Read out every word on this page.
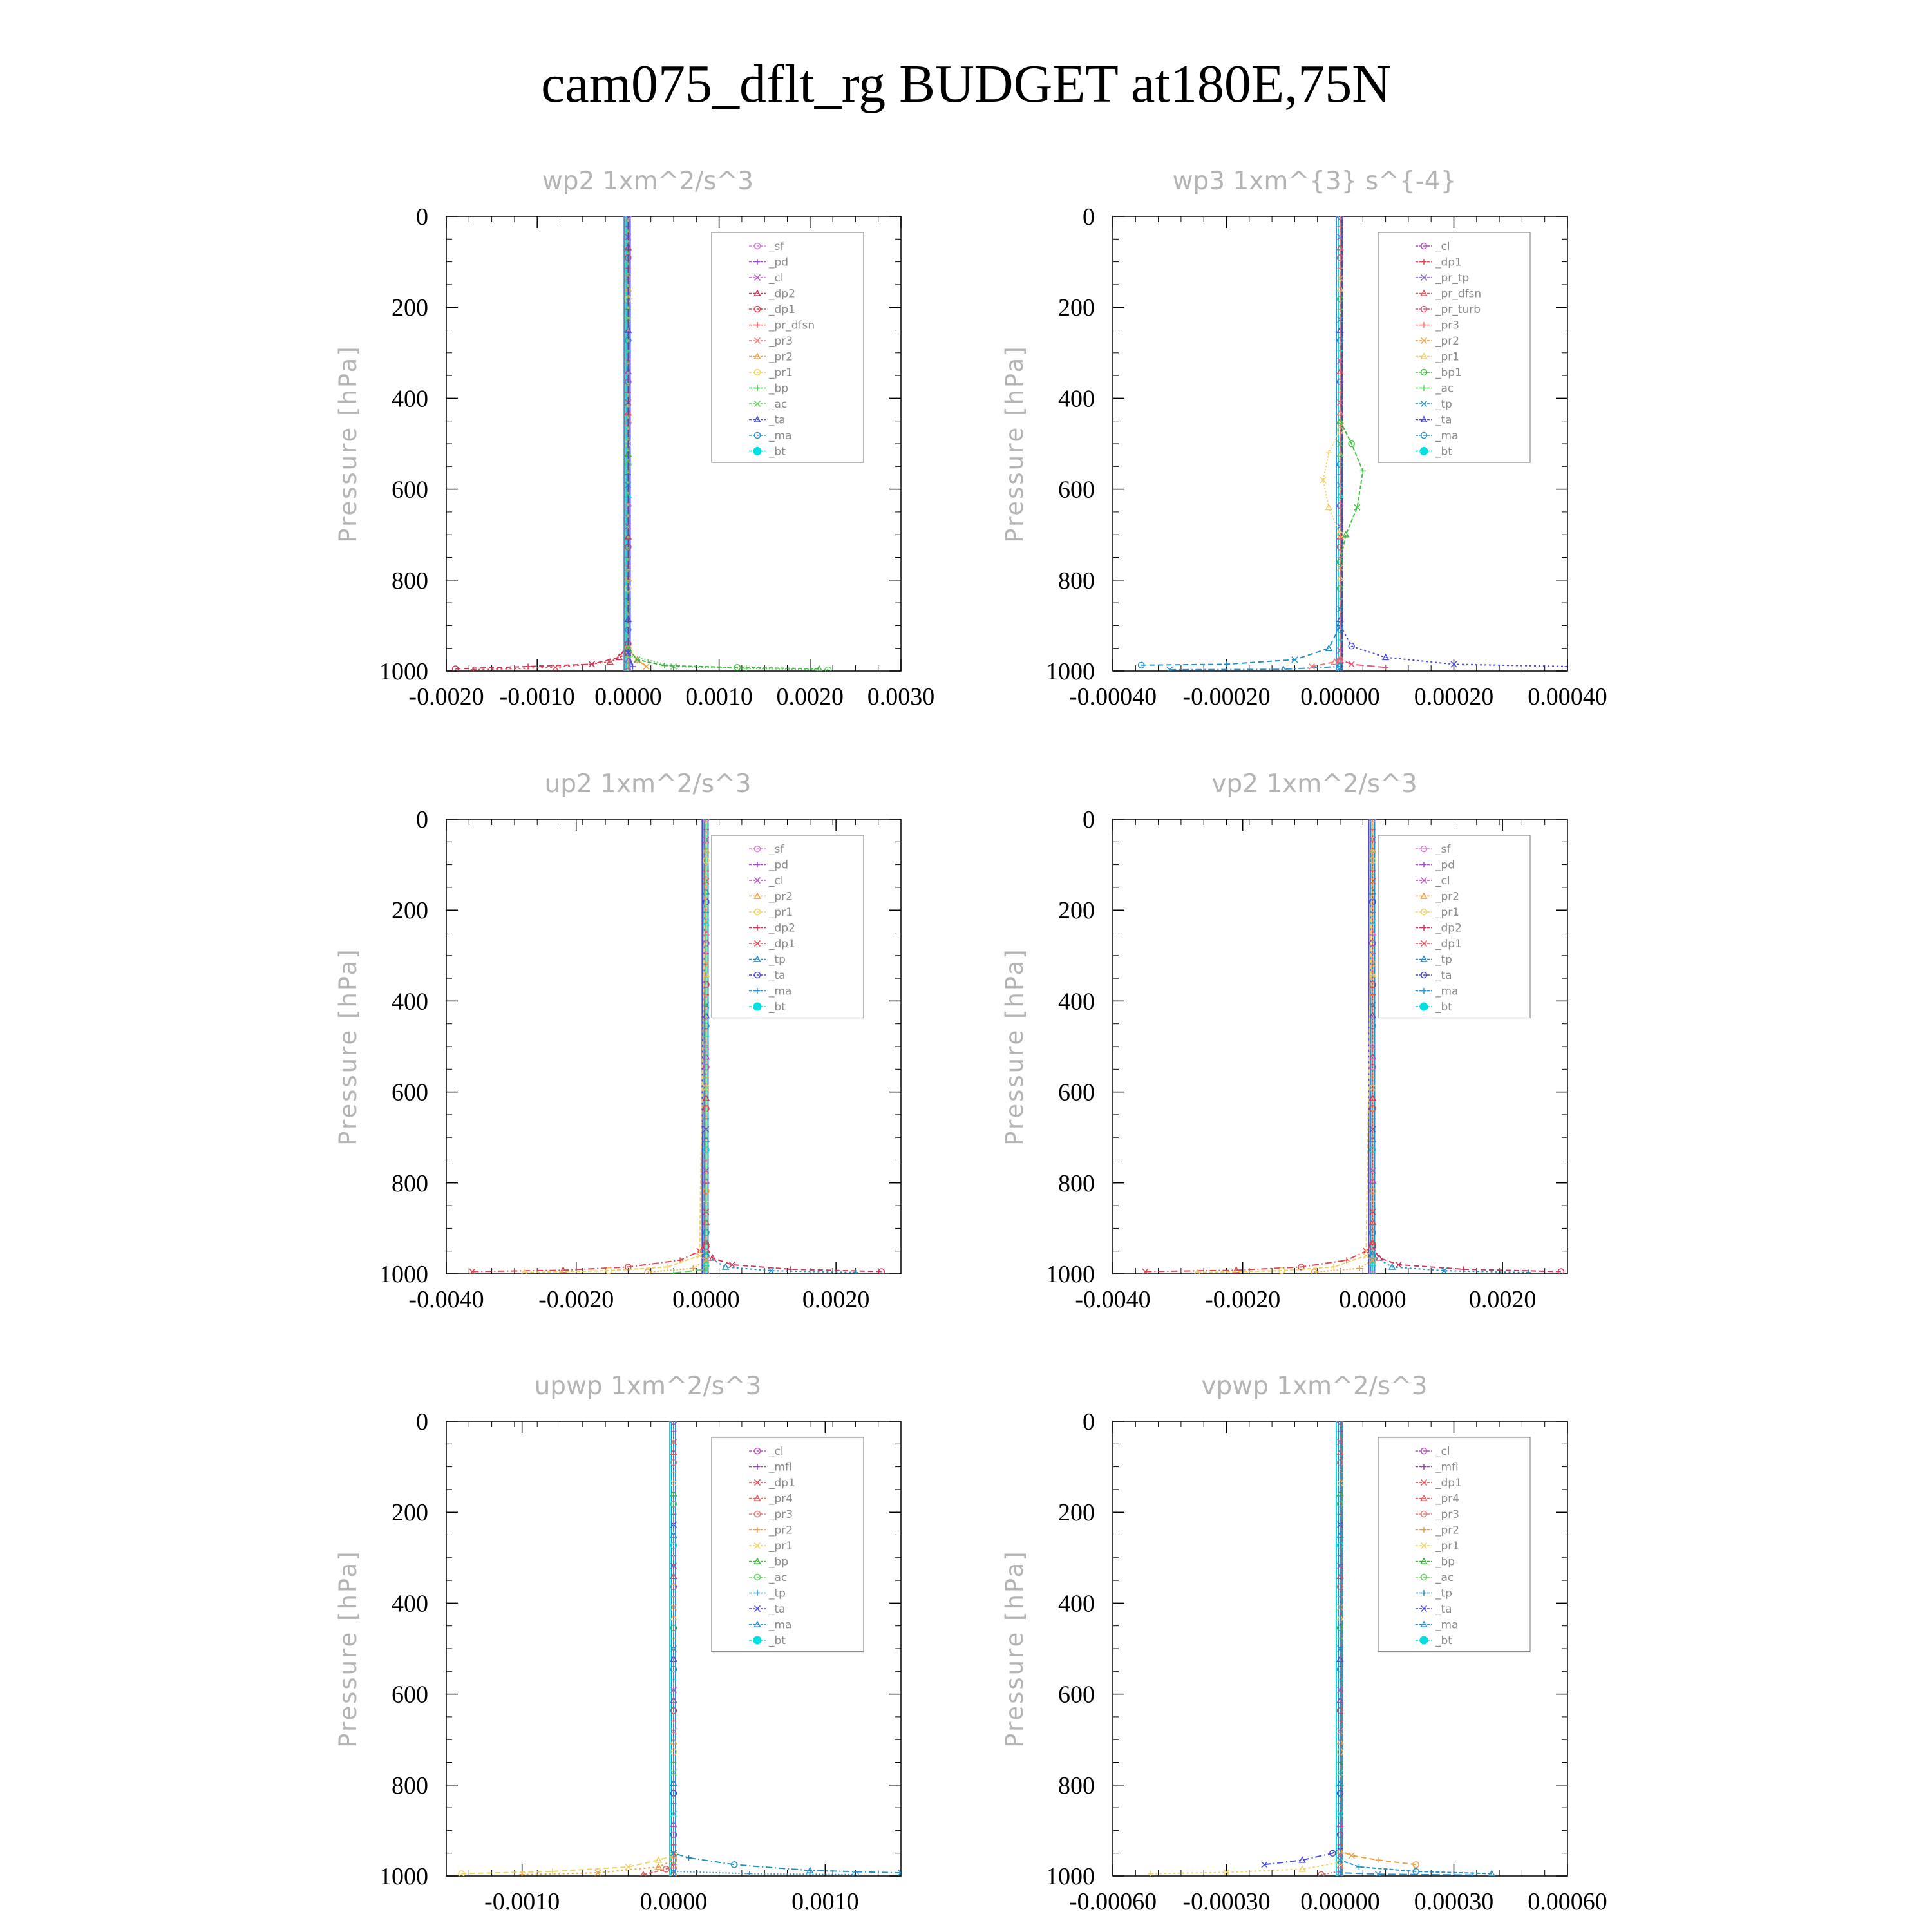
cam075_dflt_rg BUDGET at180E,75N
wp2 1xm^2/s^3
Pressure [hPa]
0
200
400
600
800
1000
-0.0020 -0.0010 0.0000 0.0010 0.0020 0.0030
_sf
_pd
_cl
_dp2
_dp1
_pr_dfsn
_pr3
_pr2
_pr1
_bp
_ac
_ta
_ma
_bt
wp3 1xm^{3} s^{-4}
Pressure [hPa]
0
200
400
600
800
1000
-0.00040 -0.00020 0.00000 0.00020 0.00040
_cl
_dp1
_pr_tp
_pr_dfsn
_pr_turb
_pr3
_pr2
_pr1
_bp1
_ac
_tp
_ta
_ma
_bt
up2 1xm^2/s^3
Pressure [hPa]
0
200
400
600
800
1000
-0.0040 -0.0020 0.0000	0.0020
_sf
_pd
_cl
_pr2
_pr1
_dp2
_dp1
_tp
_ta
_ma
_bt
vp2 1xm^2/s^3
Pressure [hPa]
0
200
400
600
800
1000
-0.0040 -0.0020 0.0000	0.0020
_sf
_pd
_cl
_pr2
_pr1
_dp2
_dp1
_tp
_ta
_ma
_bt
upwp 1xm^2/s^3
Pressure [hPa]
0
200
400
600
800
1000
-0.0010	0.0000	0.0010
_cl
_mfl
_dp1
_pr4
_pr3
_pr2
_pr1
_bp
_ac
_tp
_ta
_ma
_bt
vpwp 1xm^2/s^3
Pressure [hPa]
0
200
400
600
800
1000
-0.00060 -0.00030 0.00000 0.00030 0.00060
_cl
_mfl
_dp1
_pr4
_pr3
_pr2
_pr1
_bp
_ac
_tp
_ta
_ma
_bt
